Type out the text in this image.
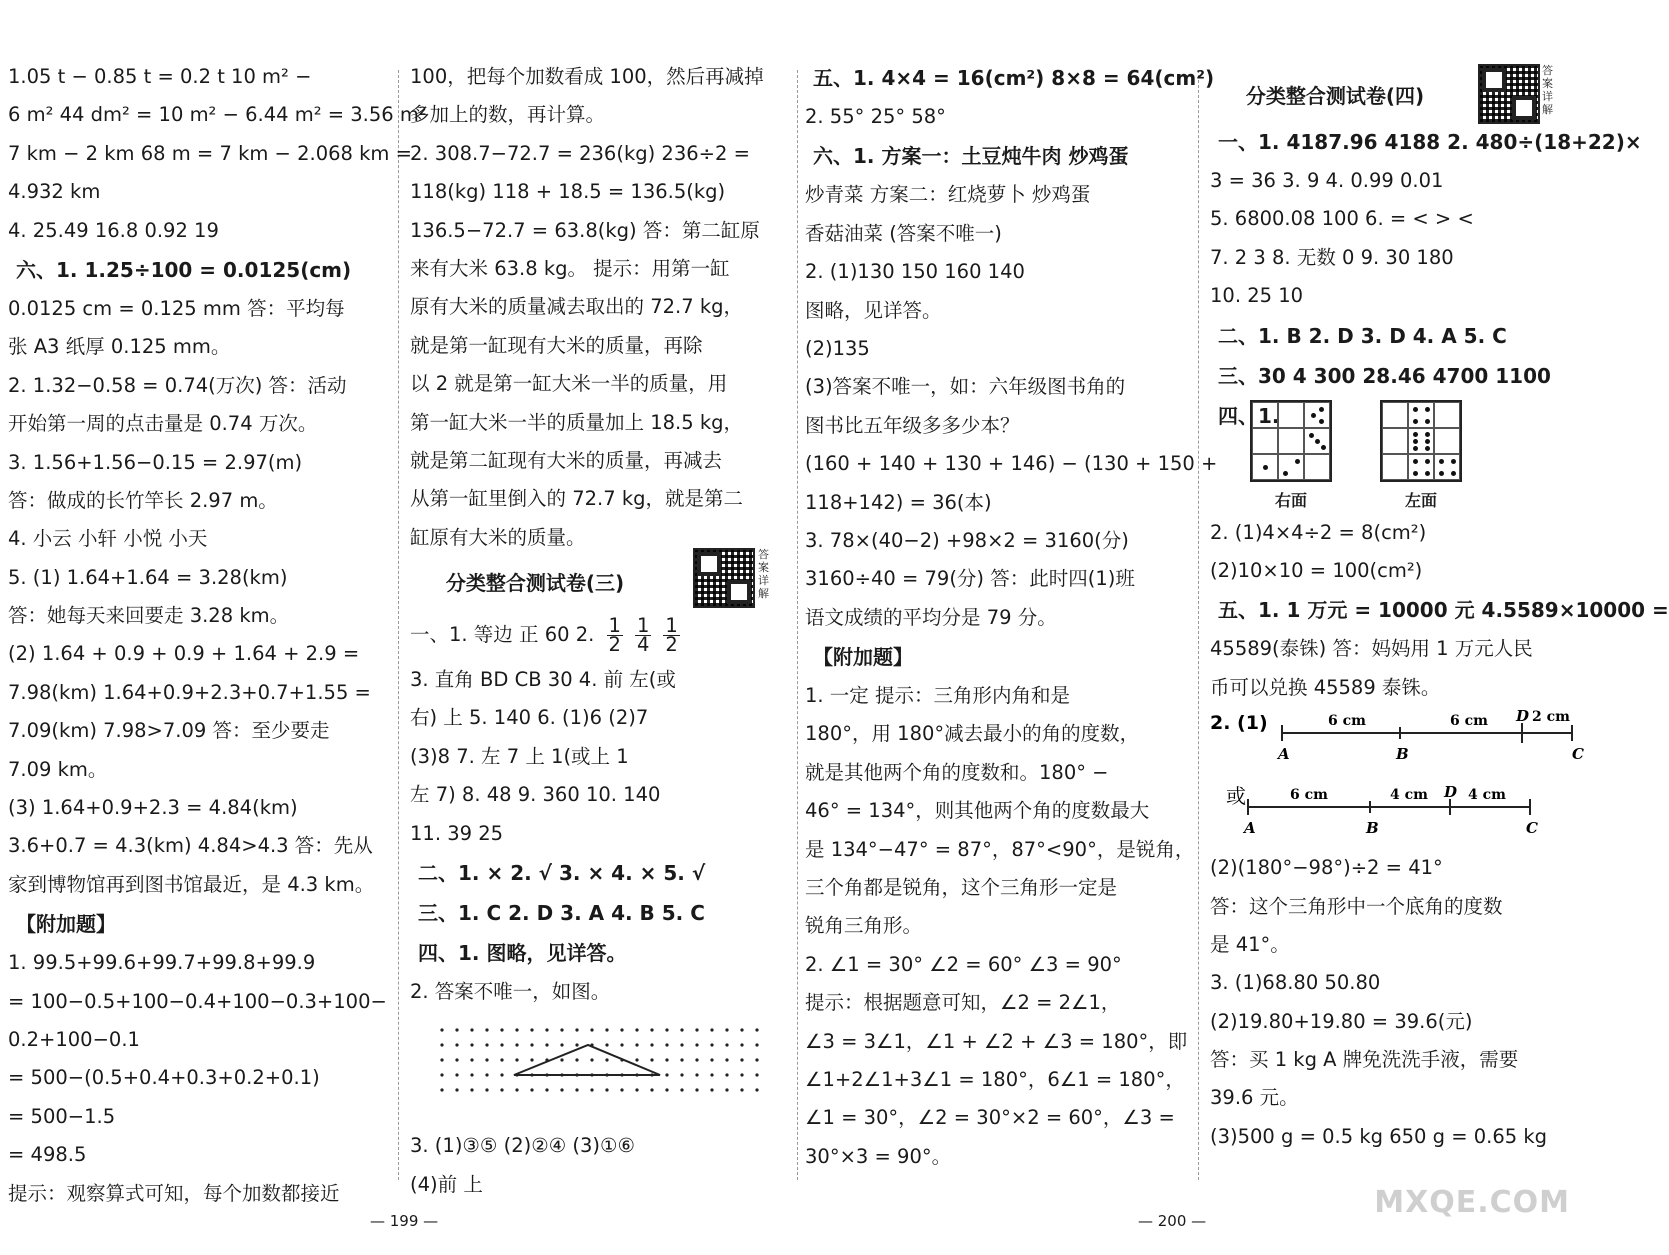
1.05 t − 0.85 t = 0.2 t 10 m² −
6 m² 44 dm² = 10 m² − 6.44 m² = 3.56 m²
7 km − 2 km 68 m = 7 km − 2.068 km =
4.932 km
4. 25.49 16.8 0.92 19
六、1. 1.25÷100 = 0.0125(cm)
0.0125 cm = 0.125 mm 答：平均每
张 A3 纸厚 0.125 mm。
2. 1.32−0.58 = 0.74(万次) 答：活动
开始第一周的点击量是 0.74 万次。
3. 1.56+1.56−0.15 = 2.97(m)
答：做成的长竹竿长 2.97 m。
4. 小云 小轩 小悦 小天
5. (1) 1.64+1.64 = 3.28(km)
答：她每天来回要走 3.28 km。
(2) 1.64 + 0.9 + 0.9 + 1.64 + 2.9 =
7.98(km) 1.64+0.9+2.3+0.7+1.55 =
7.09(km) 7.98>7.09 答：至少要走
7.09 km。
(3) 1.64+0.9+2.3 = 4.84(km)
3.6+0.7 = 4.3(km) 4.84>4.3 答：先从
家到博物馆再到图书馆最近，是 4.3 km。
【附加题】
1. 99.5+99.6+99.7+99.8+99.9
= 100−0.5+100−0.4+100−0.3+100−
0.2+100−0.1
= 500−(0.5+0.4+0.3+0.2+0.1)
= 500−1.5
= 498.5
提示：观察算式可知，每个加数都接近
100，把每个加数看成 100，然后再减掉
多加上的数，再计算。
2. 308.7−72.7 = 236(kg) 236÷2 =
118(kg) 118 + 18.5 = 136.5(kg)
136.5−72.7 = 63.8(kg) 答：第二缸原
来有大米 63.8 kg。 提示：用第一缸
原有大米的质量减去取出的 72.7 kg，
就是第一缸现有大米的质量，再除
以 2 就是第一缸大米一半的质量，用
第一缸大米一半的质量加上 18.5 kg，
就是第二缸现有大米的质量，再减去
从第一缸里倒入的 72.7 kg，就是第二
缸原有大米的质量。
分类整合测试卷(三)
一、1. 等边 正 60 2. $\frac{1}{2} \frac{1}{4} \frac{1}{2}$
3. 直角 BD CB 30 4. 前 左(或
右) 上 5. 140 6. (1)6 (2)7
(3)8 7. 左 7 上 1(或上 1
左 7) 8. 48 9. 360 10. 140
11. 39 25
二、1. × 2. √ 3. × 4. × 5. √
三、1. C 2. D 3. A 4. B 5. C
四、1. 图略，见详答。
2. 答案不唯一，如图。
3. (1)③⑤ (2)②④ (3)①⑥
(4)前 上
答案详解
五、1. 4×4 = 16(cm²) 8×8 = 64(cm²)
2. 55° 25° 58°
六、1. 方案一：土豆炖牛肉 炒鸡蛋
炒青菜 方案二：红烧萝卜 炒鸡蛋
香菇油菜 (答案不唯一)
2. (1)130 150 160 140
图略，见详答。
(2)135
(3)答案不唯一，如：六年级图书角的
图书比五年级多多少本？
(160 + 140 + 130 + 146) − (130 + 150 +
118+142) = 36(本)
3. 78×(40−2) +98×2 = 3160(分)
3160÷40 = 79(分) 答：此时四(1)班
语文成绩的平均分是 79 分。
【附加题】
1. 一定 提示：三角形内角和是
180°，用 180°减去最小的角的度数，
就是其他两个角的度数和。180° −
46° = 134°，则其他两个角的度数最大
是 134°−47° = 87°，87°<90°，是锐角，
三个角都是锐角，这个三角形一定是
锐角三角形。
2. ∠1 = 30° ∠2 = 60° ∠3 = 90°
提示：根据题意可知，∠2 = 2∠1，
∠3 = 3∠1，∠1 + ∠2 + ∠3 = 180°，即
∠1+2∠1+3∠1 = 180°，6∠1 = 180°，
∠1 = 30°，∠2 = 30°×2 = 60°，∠3 =
30°×3 = 90°。
分类整合测试卷(四)
一、1. 4187.96 4188 2. 480÷(18+22)×
3 = 36 3. 9 4. 0.99 0.01
5. 6800.08 100 6. = < > <
7. 2 3 8. 无数 0 9. 30 180
10. 25 10
二、1. B 2. D 3. D 4. A 5. C
三、30 4 300 28.46 4700 1100
四、1.
右面	左面
2. (1)4×4÷2 = 8(cm²)
(2)10×10 = 100(cm²)
五、1. 1 万元 = 10000 元 4.5589×10000 =
45589(泰铢) 答：妈妈用 1 万元人民
币可以兑换 45589 泰铢。
2. (1)	6 cm	6 cm	2 cm
D
A	B	C
或	6 cm	4 cm	4 cm
D
A	B	C
(2)(180°−98°)÷2 = 41°
答：这个三角形中一个底角的度数
是 41°。
3. (1)68.80 50.80
(2)19.80+19.80 = 39.6(元)
答：买 1 kg A 牌免洗洗手液，需要
39.6 元。
(3)500 g = 0.5 kg 650 g = 0.65 kg
答案详解
— 199 —	— 200 —
MXQE.COM
